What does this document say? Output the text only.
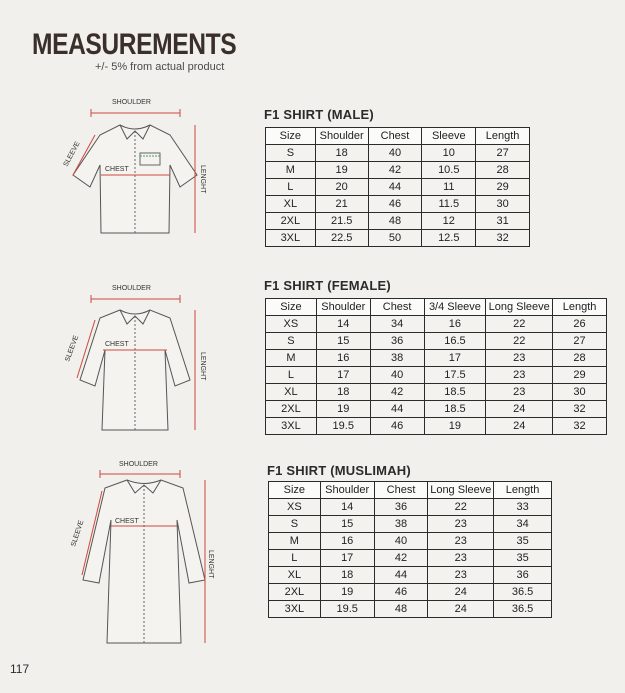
MEASUREMENTS
+/- 5% from actual product
SHOULDER
CHEST
SLEEVE
LENGHT
SHOULDER
CHEST
SLEEVE
LENGHT
SHOULDER
CHEST
SLEEVE
LENGHT
F1 SHIRT (MALE)
Size	Shoulder	Chest	Sleeve	Length
S	18	40	10	27
M	19	42	10.5	28
L	20	44	11	29
XL	21	46	11.5	30
2XL	21.5	48	12	31
3XL	22.5	50	12.5	32
F1 SHIRT (FEMALE)
Size	Shoulder	Chest	3/4 Sleeve	Long Sleeve	Length
XS	14	34	16	22	26
S	15	36	16.5	22	27
M	16	38	17	23	28
L	17	40	17.5	23	29
XL	18	42	18.5	23	30
2XL	19	44	18.5	24	32
3XL	19.5	46	19	24	32
F1 SHIRT (MUSLIMAH)
Size	Shoulder	Chest	Long Sleeve	Length
XS	14	36	22	33
S	15	38	23	34
M	16	40	23	35
L	17	42	23	35
XL	18	44	23	36
2XL	19	46	24	36.5
3XL	19.5	48	24	36.5
117
